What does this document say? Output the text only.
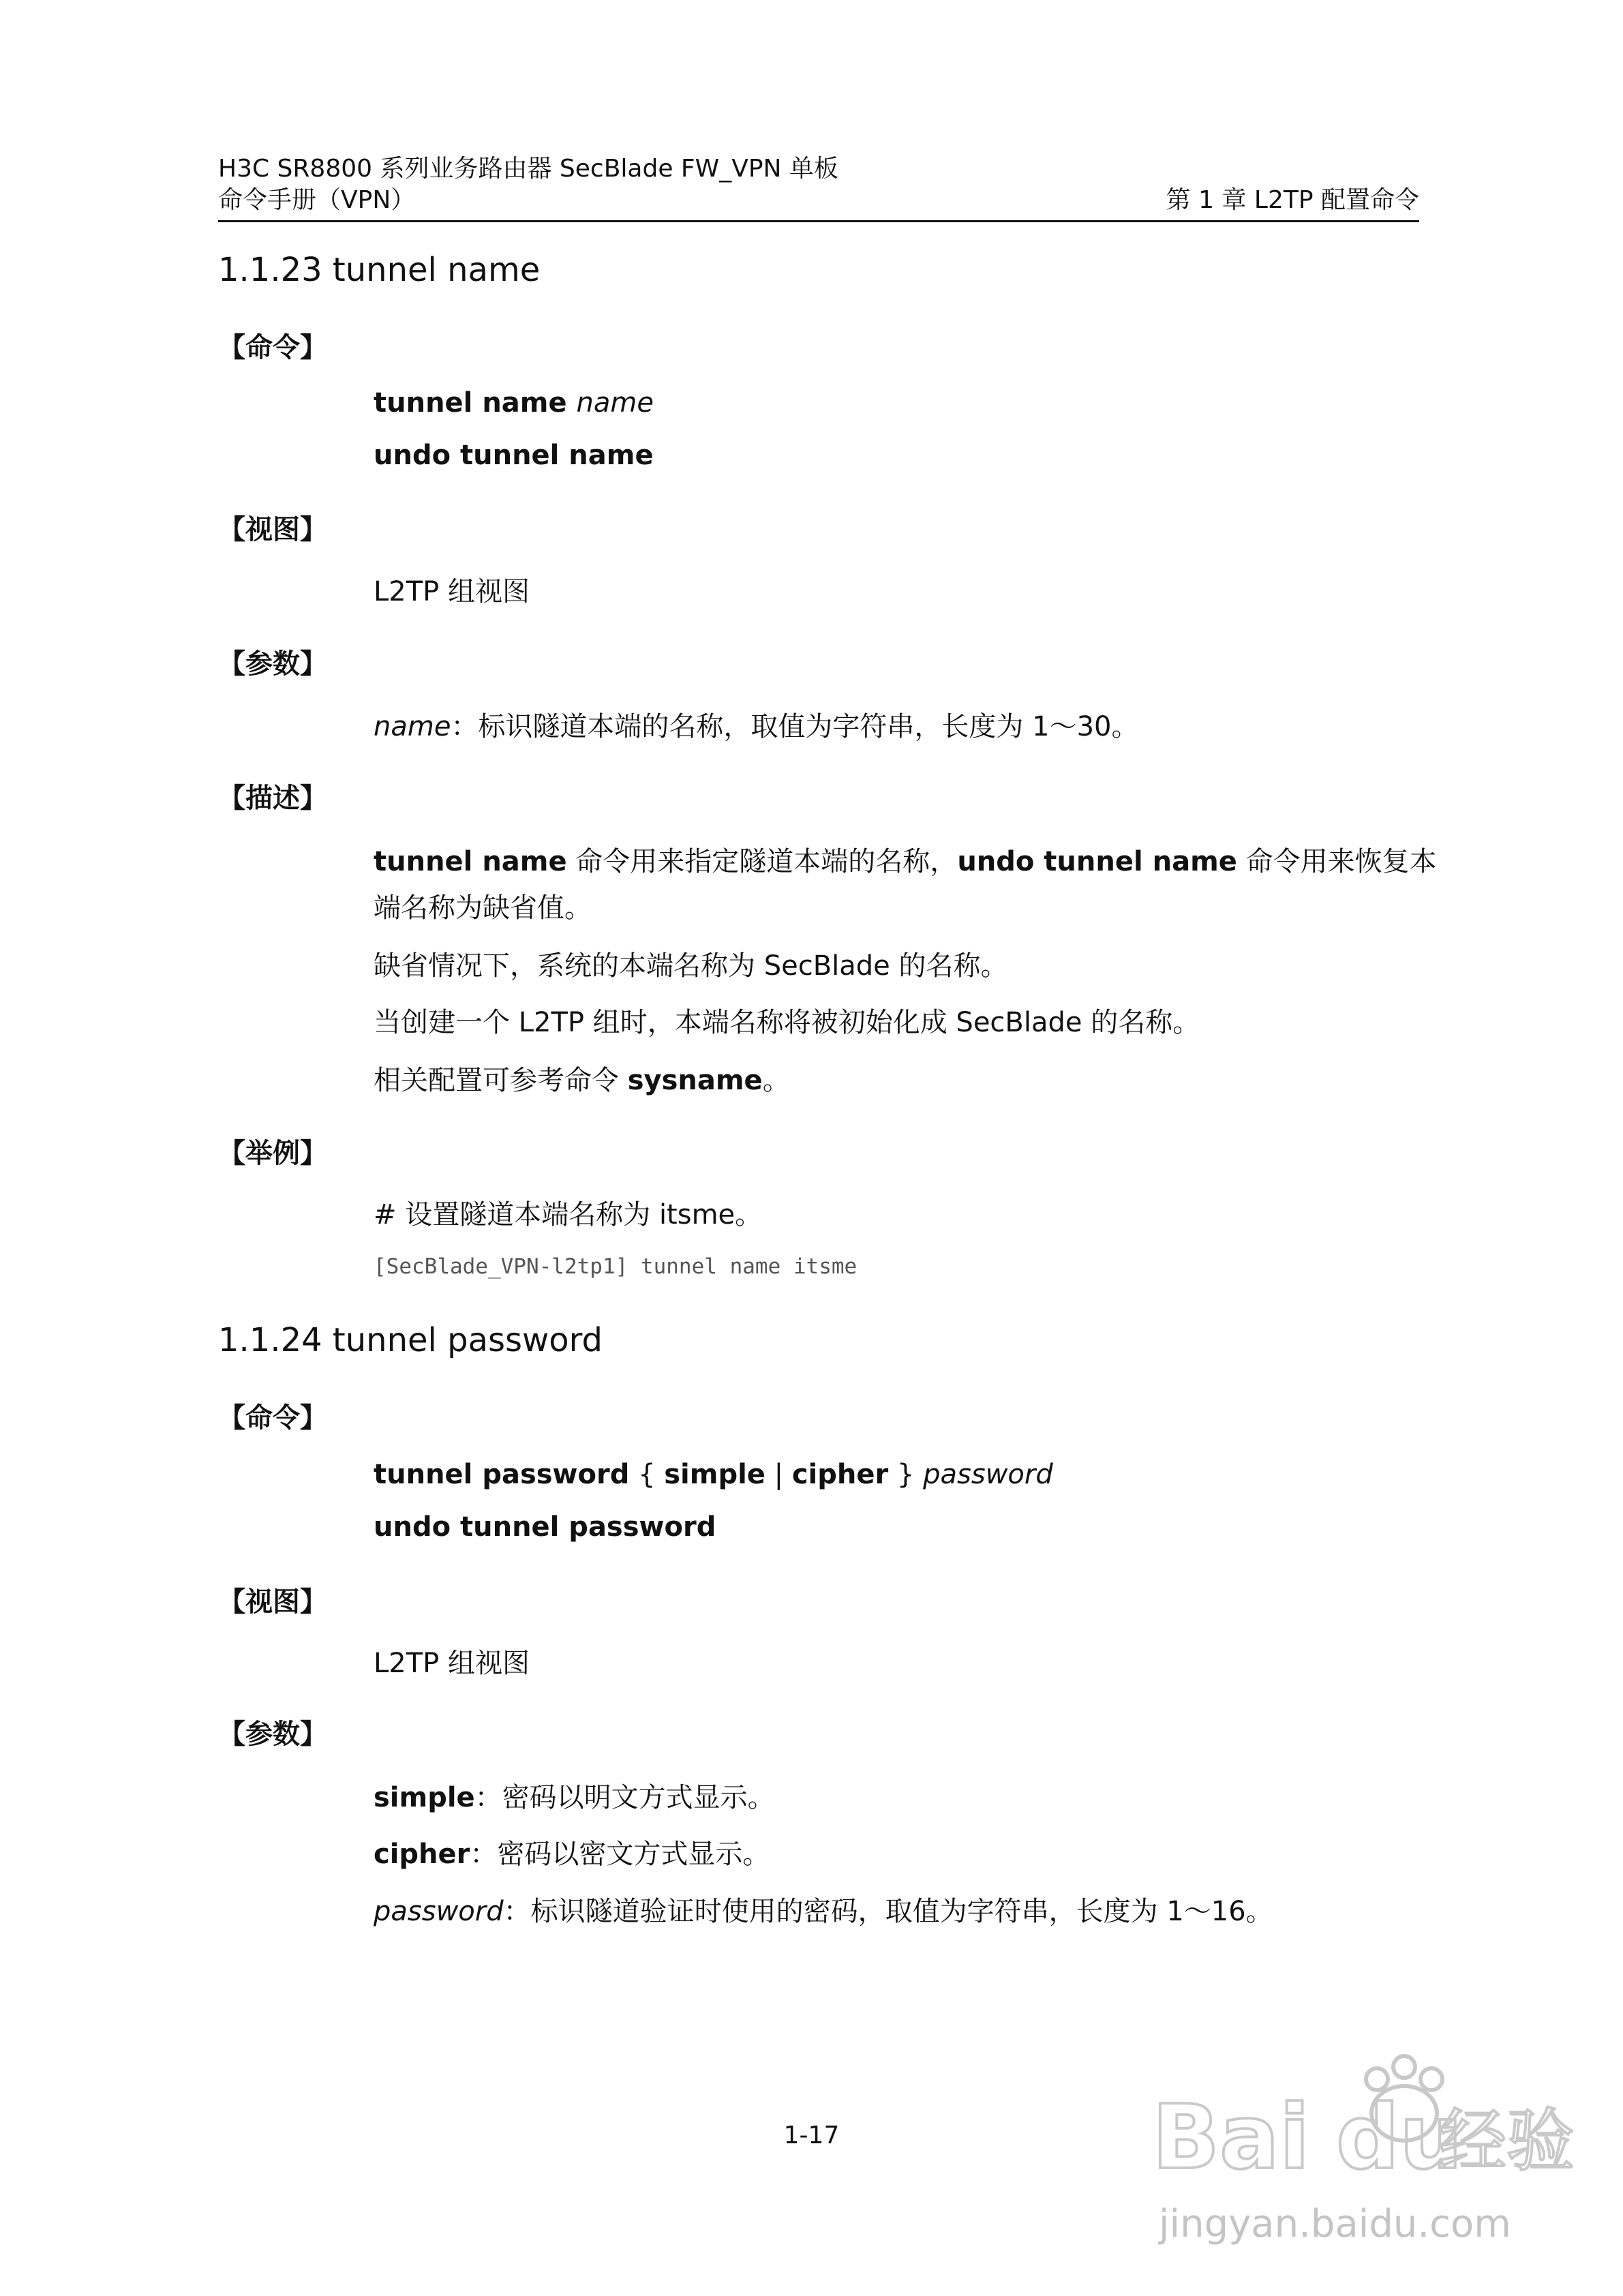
H3C SR8800 系列业务路由器 SecBlade FW_VPN 单板
命令手册（VPN）	第 1 章 L2TP 配置命令
1.1.23 tunnel name
【命令】
tunnel name name
undo tunnel name
【视图】
L2TP 组视图
【参数】
name：标识隧道本端的名称，取值为字符串，长度为 1～30。
【描述】
tunnel name 命令用来指定隧道本端的名称，undo tunnel name 命令用来恢复本
端名称为缺省值。
缺省情况下，系统的本端名称为 SecBlade 的名称。
当创建一个 L2TP 组时，本端名称将被初始化成 SecBlade 的名称。
相关配置可参考命令 sysname。
【举例】
# 设置隧道本端名称为 itsme。
[SecBlade_VPN-l2tp1] tunnel name itsme
1.1.24 tunnel password
【命令】
tunnel password { simple | cipher } password
undo tunnel password
【视图】
L2TP 组视图
【参数】
simple：密码以明文方式显示。
cipher：密码以密文方式显示。
password：标识隧道验证时使用的密码，取值为字符串，长度为 1～16。
1-17	Bai du
经验
jingyan.baidu.com
